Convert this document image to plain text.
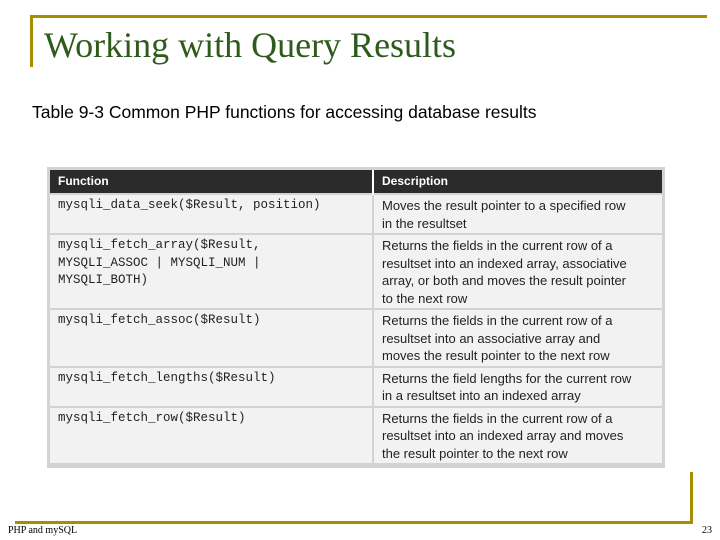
Working with Query Results
Table 9-3 Common PHP functions for accessing database results
Function	Description

mysqli_data_seek($Result, position)	Moves the result pointer to a specified row
in the resultset

mysqli_fetch_array($Result,
MYSQLI_ASSOC | MYSQLI_NUM |
MYSQLI_BOTH)	Returns the fields in the current row of a
resultset into an indexed array, associative
array, or both and moves the result pointer
to the next row

mysqli_fetch_assoc($Result)	Returns the fields in the current row of a
resultset into an associative array and
moves the result pointer to the next row

mysqli_fetch_lengths($Result)	Returns the field lengths for the current row
in a resultset into an indexed array

mysqli_fetch_row($Result)	Returns the fields in the current row of a
resultset into an indexed array and moves
the result pointer to the next row
PHP and mySQL	23
